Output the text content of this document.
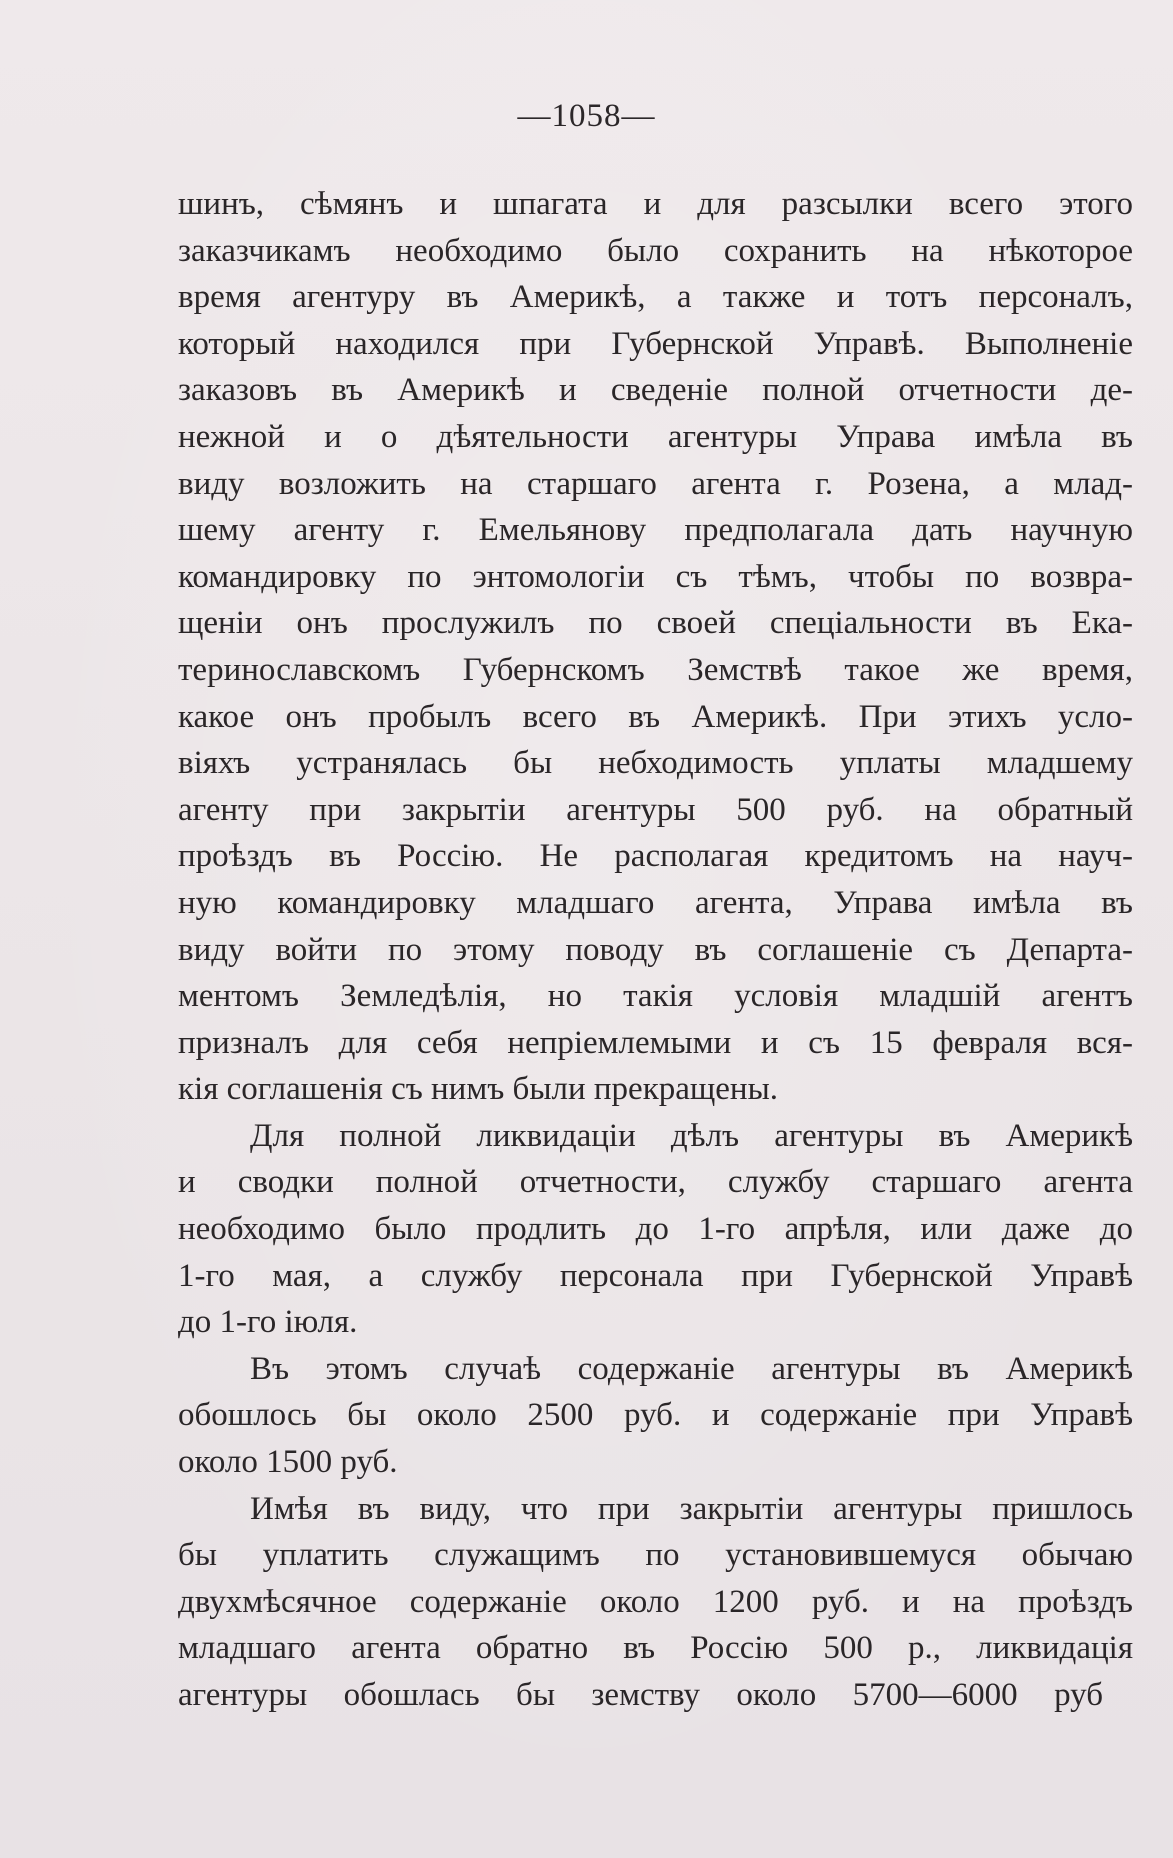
—1058—
шинъ, сѣмянъ и шпагата и для разсылки всего этого
заказчикамъ необходимо было сохранить на нѣкоторое
время агентуру въ Америкѣ, а также и тотъ персоналъ,
который находился при Губернской Управѣ. Выполненіе
заказовъ въ Америкѣ и сведеніе полной отчетности де-
нежной и о дѣятельности агентуры Управа имѣла въ
виду возложить на старшаго агента г. Розена, а млад-
шему агенту г. Емельянову предполагала дать научную
командировку по энтомологіи съ тѣмъ, чтобы по возвра-
щеніи онъ прослужилъ по своей спеціальности въ Ека-
теринославскомъ Губернскомъ Земствѣ такое же время,
какое онъ пробылъ всего въ Америкѣ. При этихъ усло-
віяхъ устранялась бы небходимость уплаты младшему
агенту при закрытіи агентуры 500 руб. на обратный
проѣздъ въ Россію. Не располагая кредитомъ на науч-
ную командировку младшаго агента, Управа имѣла въ
виду войти по этому поводу въ соглашеніе съ Департа-
ментомъ Земледѣлія, но такія условія младшій агентъ
призналъ для себя непріемлемыми и съ 15 февраля вся-
кія соглашенія съ нимъ были прекращены.
Для полной ликвидаціи дѣлъ агентуры въ Америкѣ
и сводки полной отчетности, службу старшаго агента
необходимо было продлить до 1-го апрѣля, или даже до
1-го мая, а службу персонала при Губернской Управѣ
до 1-го іюля.
Въ этомъ случаѣ содержаніе агентуры въ Америкѣ
обошлось бы около 2500 руб. и содержаніе при Управѣ
около 1500 руб.
Имѣя въ виду, что при закрытіи агентуры пришлось
бы уплатить служащимъ по установившемуся обычаю
двухмѣсячное содержаніе около 1200 руб. и на проѣздъ
младшаго агента обратно въ Россію 500 р., ликвидація
агентуры обошлась бы земству около 5700—6000 руб
